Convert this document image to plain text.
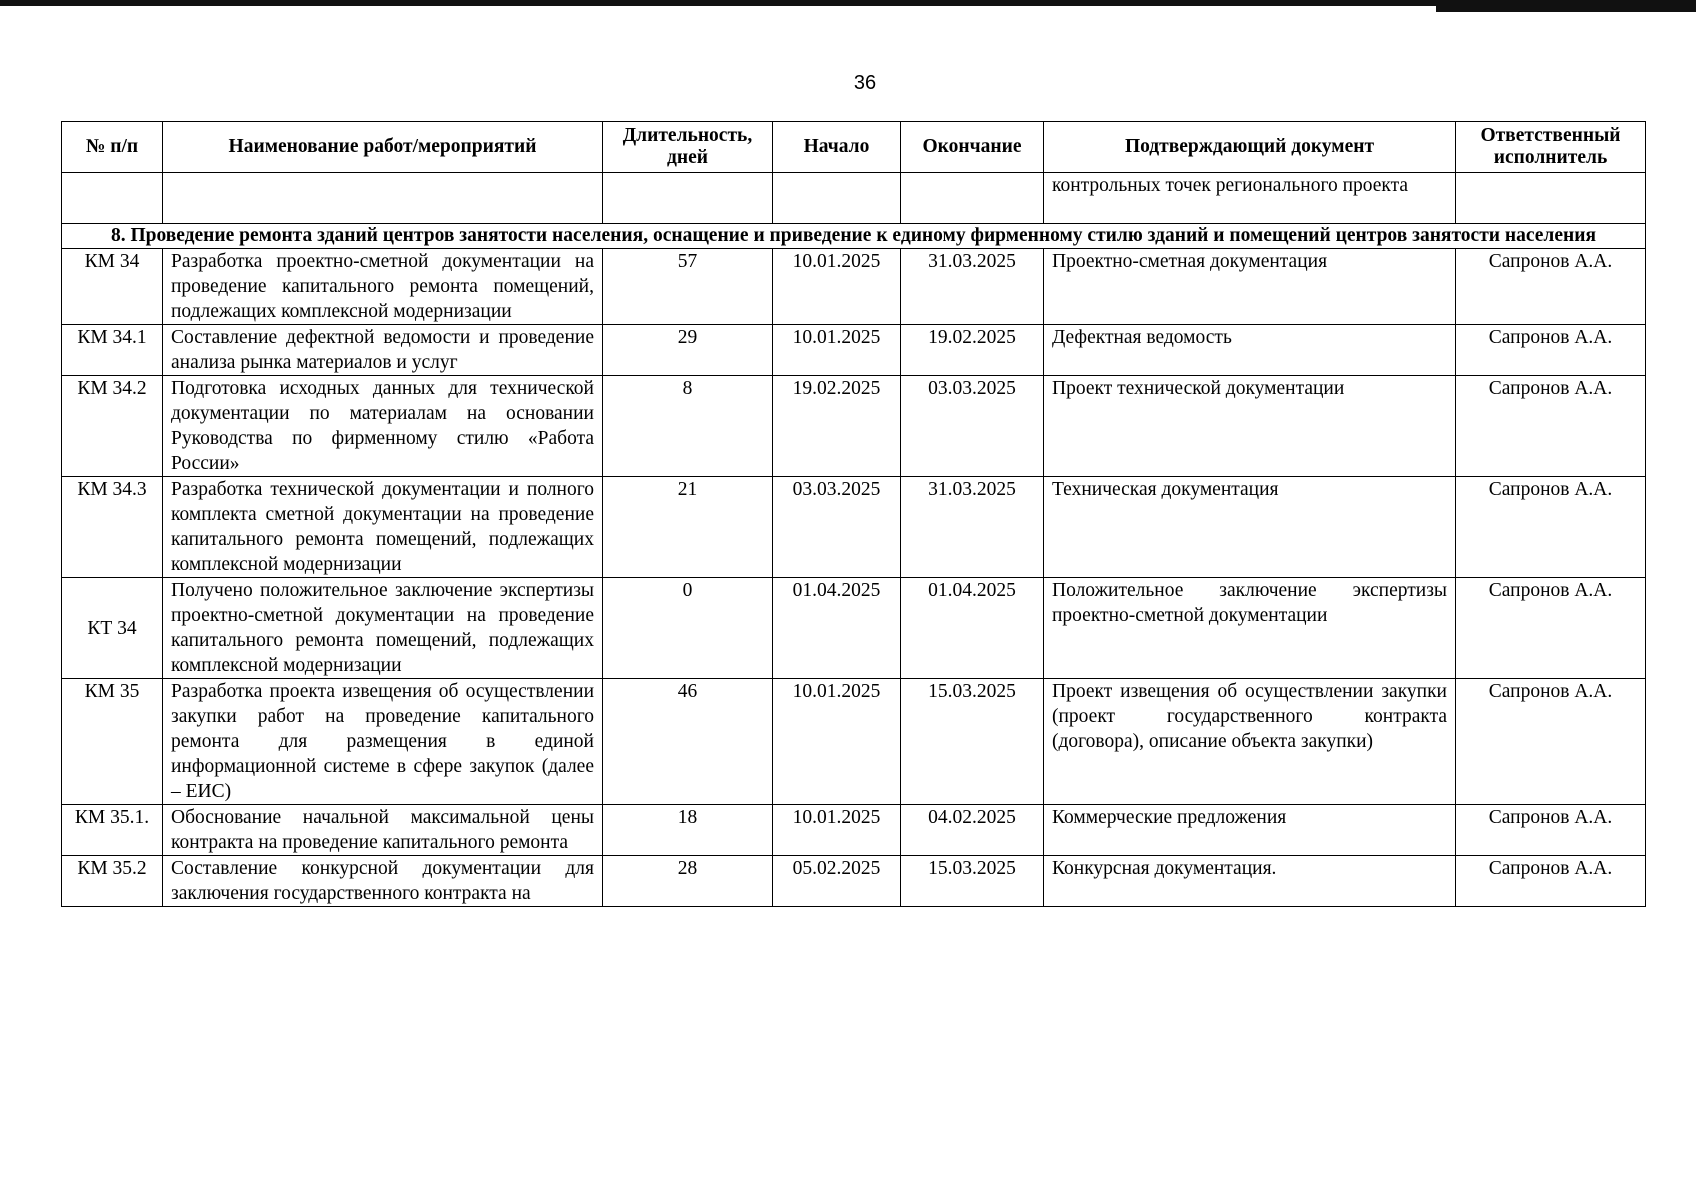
36
№ п/п	Наименование работ/мероприятий	Длительность, дней	Начало	Окончание	Подтверждающий документ	Ответственный исполнитель
					контрольных точек регионального проекта	
8. Проведение ремонта зданий центров занятости населения, оснащение и приведение к единому фирменному стилю зданий и помещений центров занятости населения						
КМ 34	Разработка проектно-сметной документации на проведение капитального ремонта помещений, подлежащих комплексной модернизации	57	10.01.2025	31.03.2025	Проектно-сметная документация	Сапронов А.А.
КМ 34.1	Составление дефектной ведомости и проведение анализа рынка материалов и услуг	29	10.01.2025	19.02.2025	Дефектная ведомость	Сапронов А.А.
КМ 34.2	Подготовка исходных данных для технической документации по материалам на основании Руководства по фирменному стилю «Работа России»	8	19.02.2025	03.03.2025	Проект технической документации	Сапронов А.А.
КМ 34.3	Разработка технической документации и полного комплекта сметной документации на проведение капитального ремонта помещений, подлежащих комплексной модернизации	21	03.03.2025	31.03.2025	Техническая документация	Сапронов А.А.
КТ 34	Получено положительное заключение экспертизы проектно-сметной документации на проведение капитального ремонта помещений, подлежащих комплексной модернизации	0	01.04.2025	01.04.2025	Положительное заключение экспертизы проектно-сметной документации	Сапронов А.А.
КМ 35	Разработка проекта извещения об осуществлении закупки работ на проведение капитального ремонта для размещения в единой информационной системе в сфере закупок (далее – ЕИС)	46	10.01.2025	15.03.2025	Проект извещения об осуществлении закупки (проект государственного контракта (договора), описание объекта закупки)	Сапронов А.А.
КМ 35.1.	Обоснование начальной максимальной цены контракта на проведение капитального ремонта	18	10.01.2025	04.02.2025	Коммерческие предложения	Сапронов А.А.
КМ 35.2	Составление конкурсной документации для заключения государственного контракта на	28	05.02.2025	15.03.2025	Конкурсная документация.	Сапронов А.А.
